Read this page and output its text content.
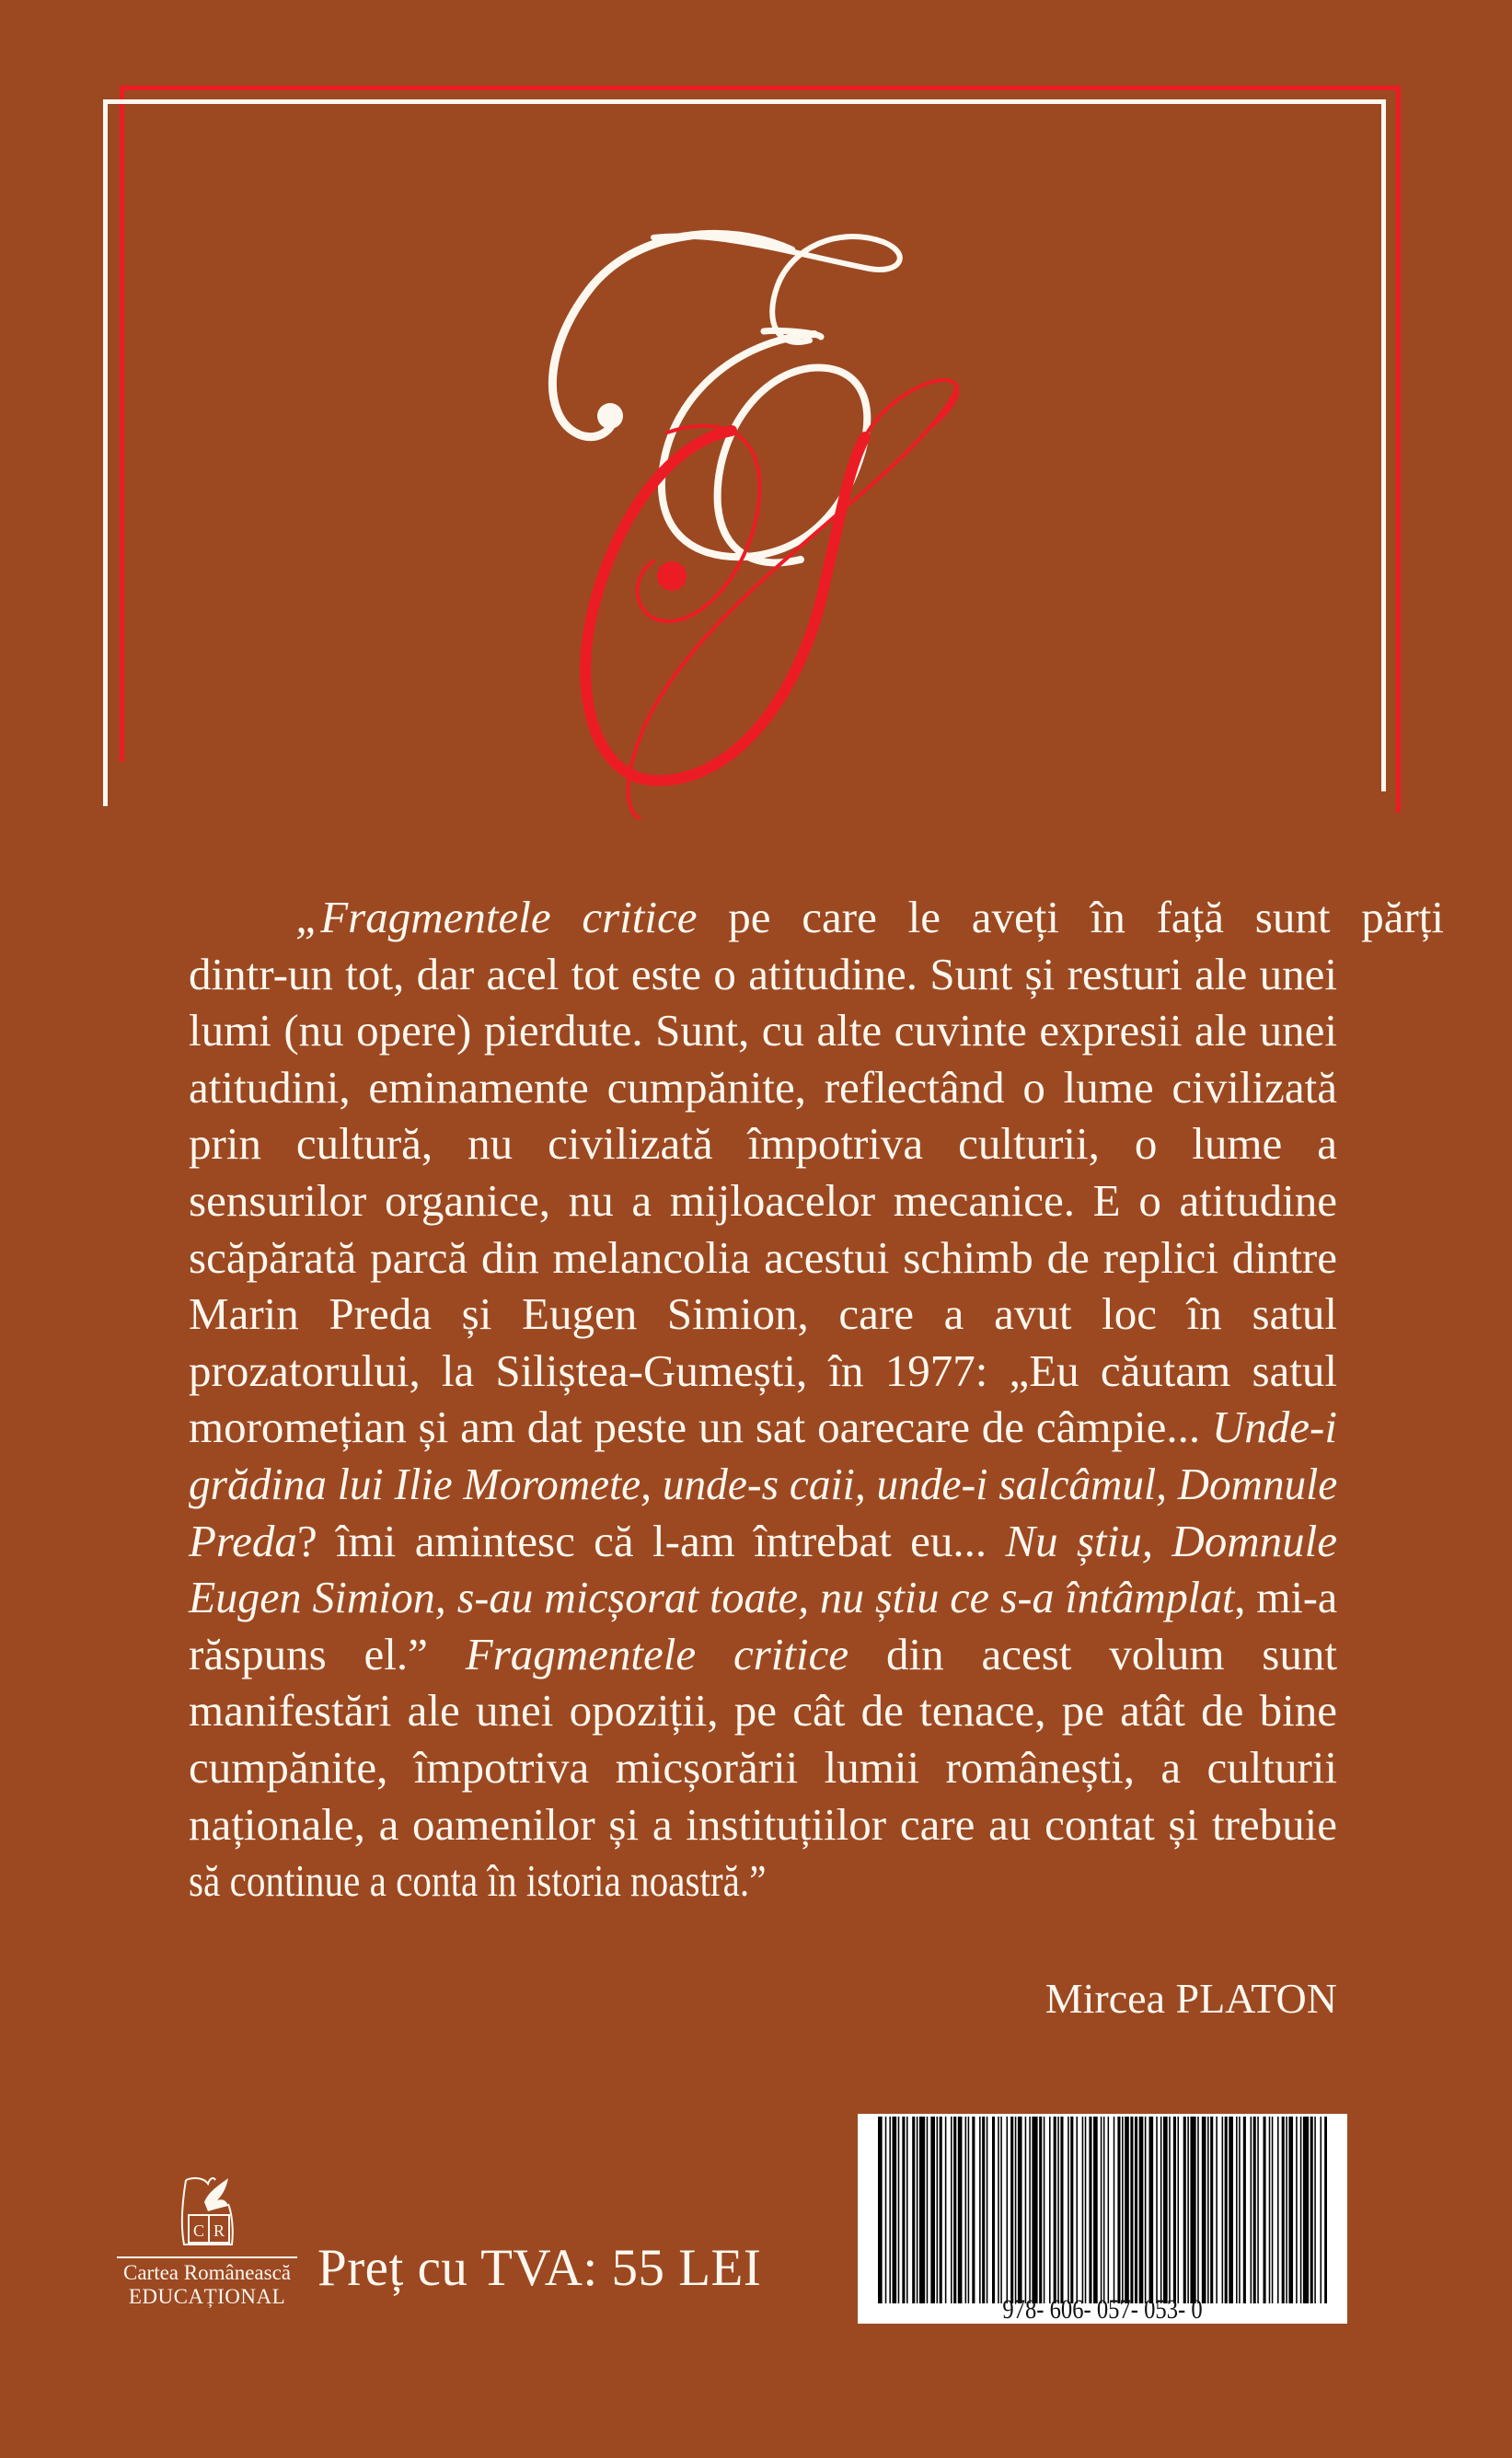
„Fragmentele critice pe care le aveți în față sunt părți
dintr-un tot, dar acel tot este o atitudine. Sunt și resturi ale unei
lumi (nu opere) pierdute. Sunt, cu alte cuvinte expresii ale unei
atitudini, eminamente cumpănite, reflectând o lume civilizată
prin cultură, nu civilizată împotriva culturii, o lume a
sensurilor organice, nu a mijloacelor mecanice. E o atitudine
scăpărată parcă din melancolia acestui schimb de replici dintre
Marin Preda și Eugen Simion, care a avut loc în satul
prozatorului, la Siliștea-Gumești, în 1977: „Eu căutam satul
moromețian și am dat peste un sat oarecare de câmpie... Unde-i
grădina lui Ilie Moromete, unde-s caii, unde-i salcâmul, Domnule
Preda? îmi amintesc că l-am întrebat eu... Nu știu, Domnule
Eugen Simion, s-au micșorat toate, nu știu ce s-a întâmplat, mi-a
răspuns el.” Fragmentele critice din acest volum sunt
manifestări ale unei opoziții, pe cât de tenace, pe atât de bine
cumpănite, împotriva micșorării lumii românești, a culturii
naționale, a oamenilor și a instituțiilor care au contat și trebuie
să continue a conta în istoria noastră.”
Mircea PLATON
C R
Cartea Românească
EDUCAȚIONAL Preț cu TVA: 55 LEI
978- 606- 057- 053- 0
